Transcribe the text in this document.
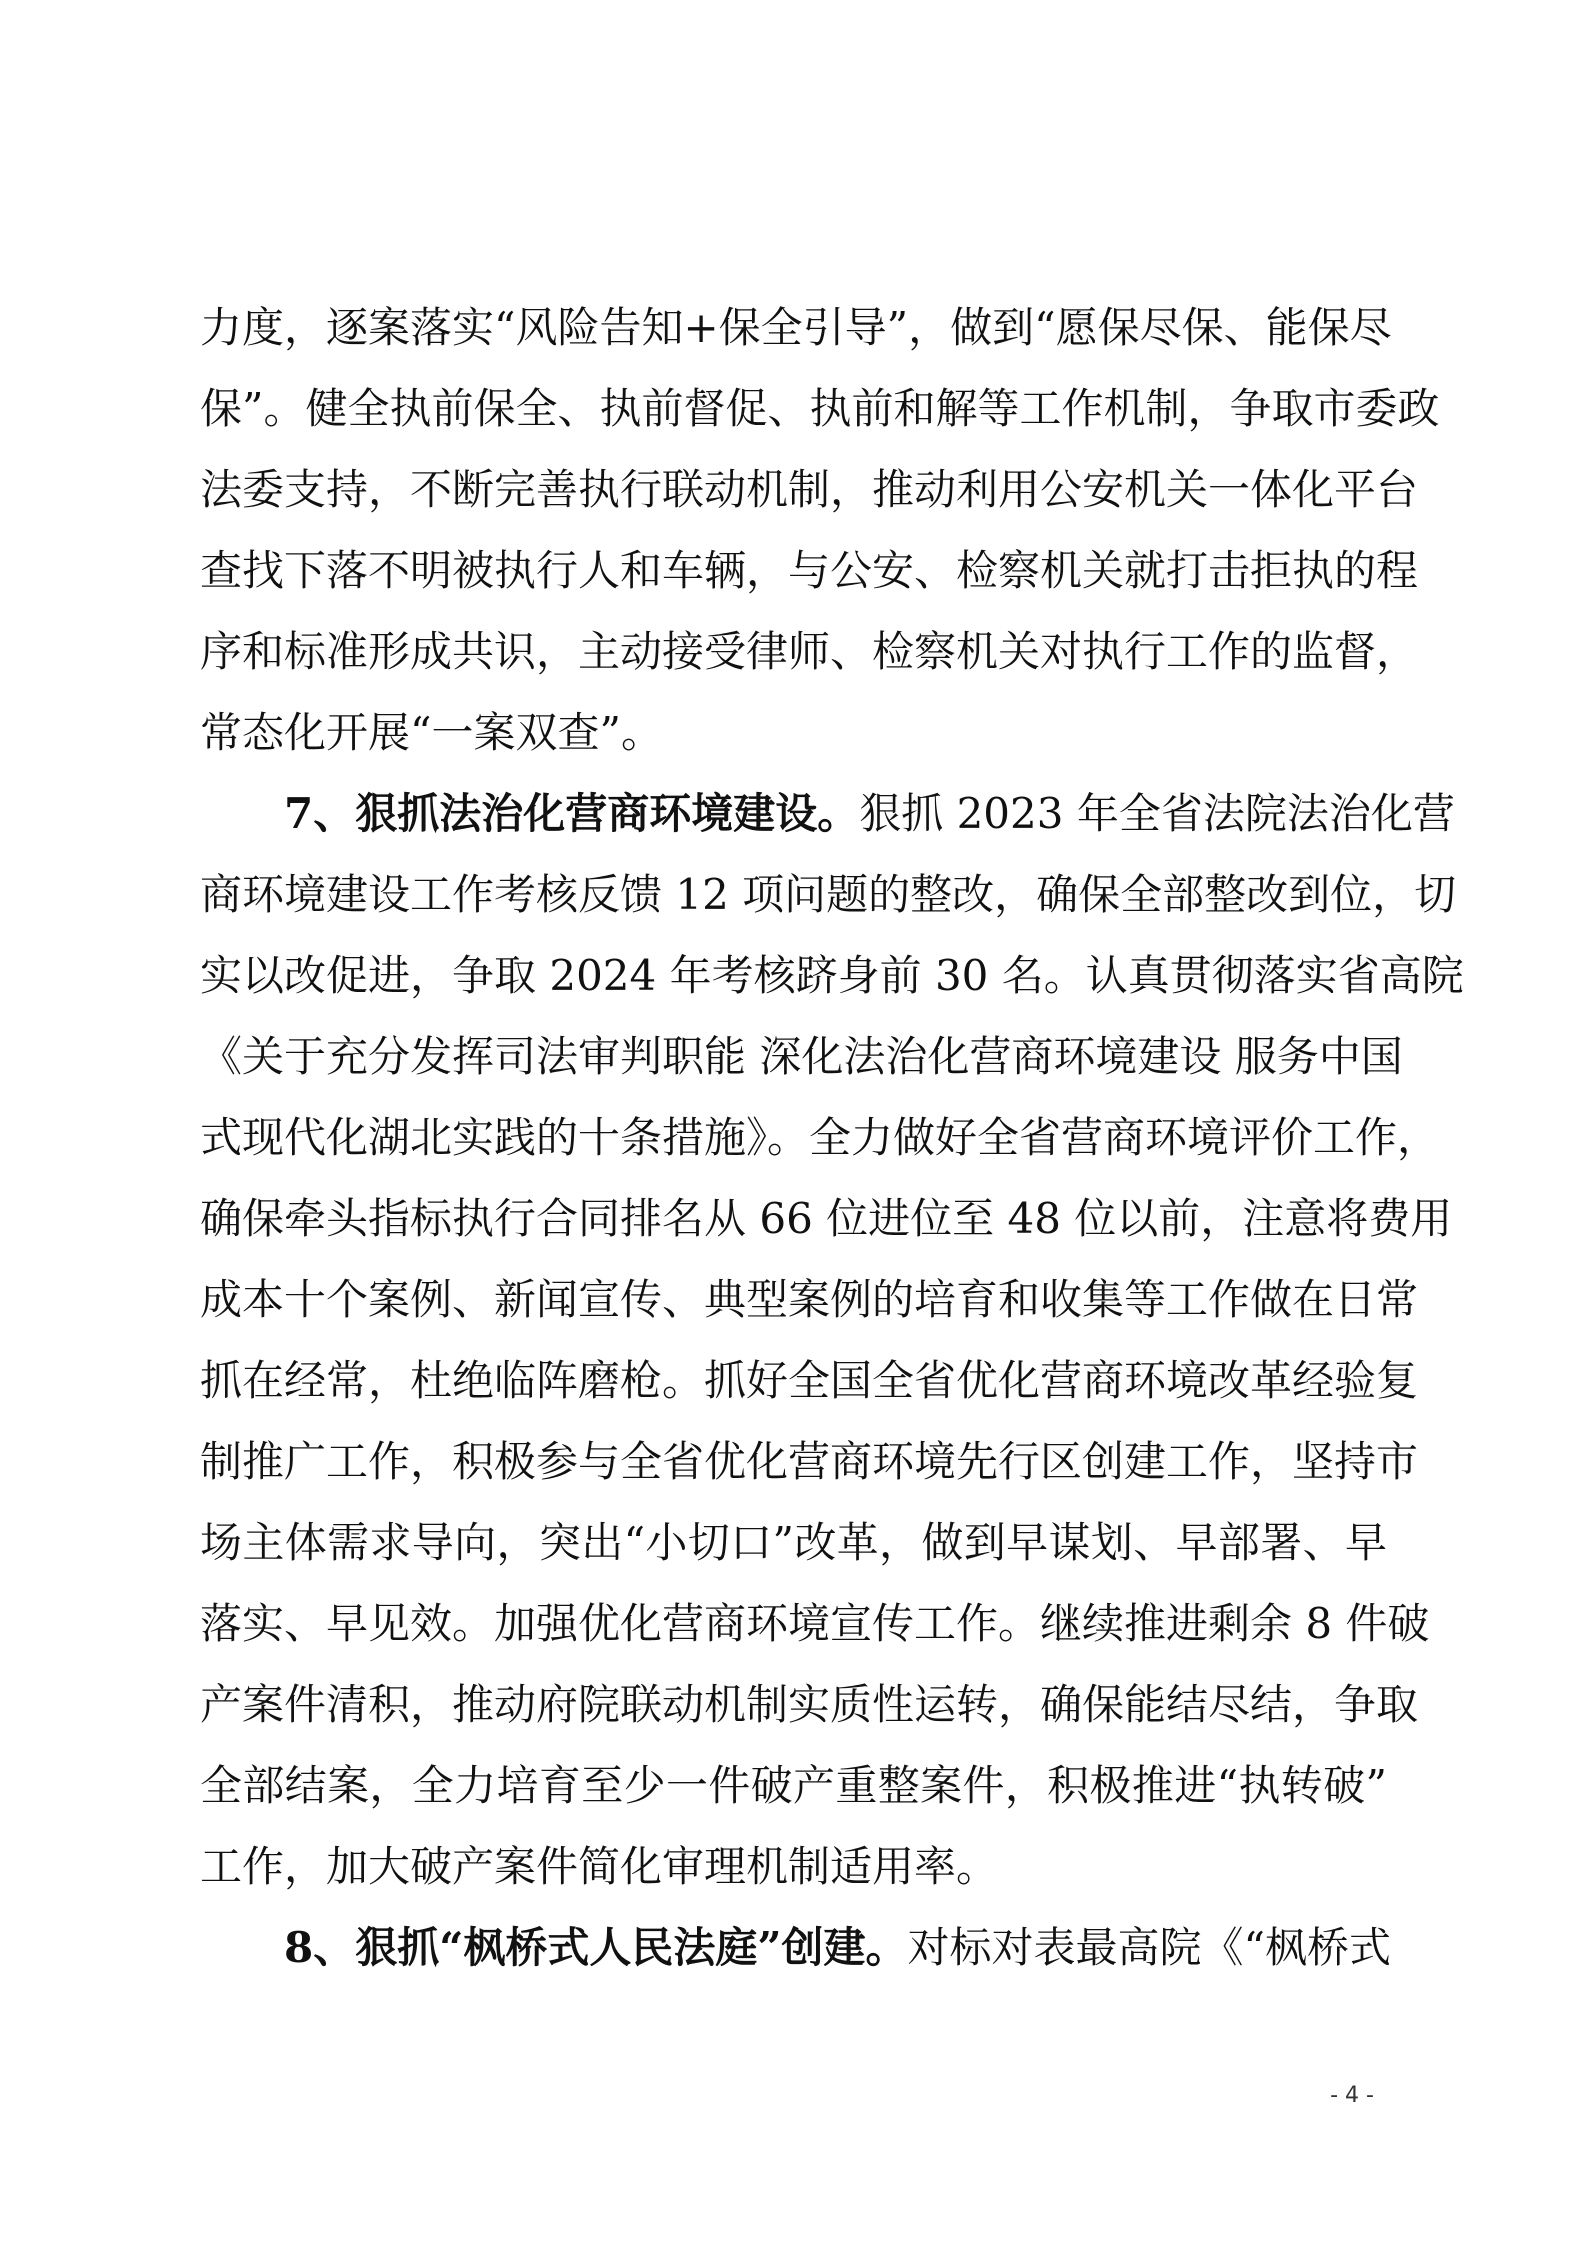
力度，逐案落实“风险告知+保全引导”，做到“愿保尽保、能保尽
保”。健全执前保全、执前督促、执前和解等工作机制，争取市委政
法委支持，不断完善执行联动机制，推动利用公安机关一体化平台
查找下落不明被执行人和车辆，与公安、检察机关就打击拒执的程
序和标准形成共识，主动接受律师、检察机关对执行工作的监督，
常态化开展“一案双查”。
7、狠抓法治化营商环境建设。狠抓 2023 年全省法院法治化营
商环境建设工作考核反馈 12 项问题的整改，确保全部整改到位，切
实以改促进，争取 2024 年考核跻身前 30 名。认真贯彻落实省高院
《关于充分发挥司法审判职能 深化法治化营商环境建设 服务中国
式现代化湖北实践的十条措施》。全力做好全省营商环境评价工作，
确保牵头指标执行合同排名从 66 位进位至 48 位以前，注意将费用
成本十个案例、新闻宣传、典型案例的培育和收集等工作做在日常
抓在经常，杜绝临阵磨枪。抓好全国全省优化营商环境改革经验复
制推广工作，积极参与全省优化营商环境先行区创建工作，坚持市
场主体需求导向，突出“小切口”改革，做到早谋划、早部署、早
落实、早见效。加强优化营商环境宣传工作。继续推进剩余 8 件破
产案件清积，推动府院联动机制实质性运转，确保能结尽结，争取
全部结案，全力培育至少一件破产重整案件，积极推进“执转破”
工作，加大破产案件简化审理机制适用率。
8、狠抓“枫桥式人民法庭”创建。对标对表最高院《“枫桥式
- 4 -
